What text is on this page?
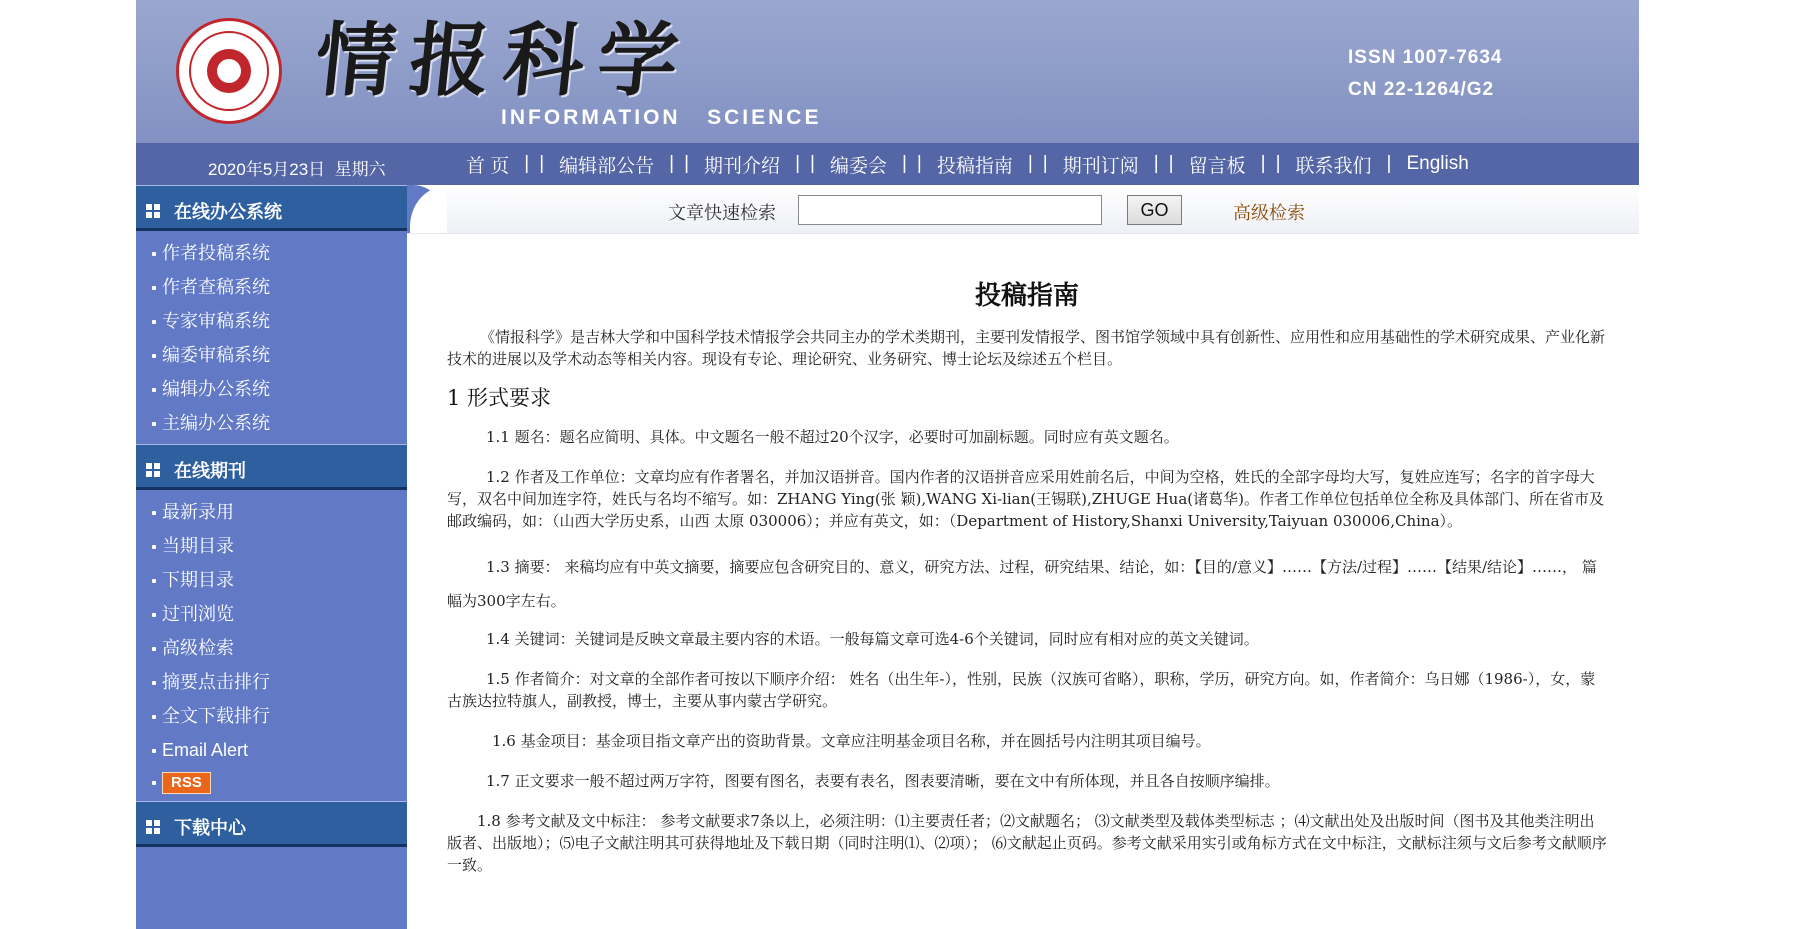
情报科学
INFORMATION   SCIENCE
ISSN 1007-7634
CN 22-1264/G2
2020年5月23日  星期六	首 页 | | 编辑部公告 | | 期刊介绍 | | 编委会 | | 投稿指南 | | 期刊订阅 | | 留言板 | | 联系我们 | English
在线办公系统
作者投稿系统
作者查稿系统
专家审稿系统
编委审稿系统
编辑办公系统
主编办公系统
在线期刊
最新录用
当期目录
下期目录
过刊浏览
高级检索
摘要点击排行
全文下载排行
Email Alert
RSS
下载中心
文章快速检索	GO	高级检索
投稿指南

《情报科学》是吉林大学和中国科学技术情报学会共同主办的学术类期刊，主要刊发情报学、图书馆学领域中具有创新性、应用性和应用基础性的学术研究成果、产业化新技术的进展以及学术动态等相关内容。现设有专论、理论研究、业务研究、博士论坛及综述五个栏目。

1 形式要求

1.1 题名：题名应简明、具体。中文题名一般不超过20个汉字，必要时可加副标题。同时应有英文题名。

1.2 作者及工作单位：文章均应有作者署名，并加汉语拼音。国内作者的汉语拼音应采用姓前名后，中间为空格，姓氏的全部字母均大写，复姓应连写；名字的首字母大写，双名中间加连字符，姓氏与名均不缩写。如：ZHANG Ying(张 颖),WANG Xi-lian(王锡联),ZHUGE Hua(诸葛华)。作者工作单位包括单位全称及具体部门、所在省市及邮政编码，如：（山西大学历史系，山西 太原 030006）；并应有英文，如：（Department of History,Shanxi University,Taiyuan 030006,China）。

1.3 摘要： 来稿均应有中英文摘要，摘要应包含研究目的、意义，研究方法、过程，研究结果、结论，如：【目的/意义】……【方法/过程】……【结果/结论】……， 篇幅为300字左右。

1.4 关键词：关键词是反映文章最主要内容的术语。一般每篇文章可选4-6个关键词，同时应有相对应的英文关键词。

1.5 作者简介：对文章的全部作者可按以下顺序介绍： 姓名（出生年-），性别，民族（汉族可省略），职称，学历，研究方向。如，作者简介：乌日娜（1986-），女，蒙古族达拉特旗人，副教授，博士，主要从事内蒙古学研究。

1.6 基金项目：基金项目指文章产出的资助背景。文章应注明基金项目名称，并在圆括号内注明其项目编号。

1.7 正文要求一般不超过两万字符，图要有图名，表要有表名，图表要清晰，要在文中有所体现，并且各自按顺序编排。

1.8 参考文献及文中标注： 参考文献要求7条以上，必须注明：⑴主要责任者；⑵文献题名； ⑶文献类型及载体类型标志 ；⑷文献出处及出版时间（图书及其他类注明出版者、出版地）；⑸电子文献注明其可获得地址及下载日期（同时注明⑴、⑵项）； ⑹文献起止页码。参考文献采用实引或角标方式在文中标注，文献标注须与文后参考文献顺序一致。
